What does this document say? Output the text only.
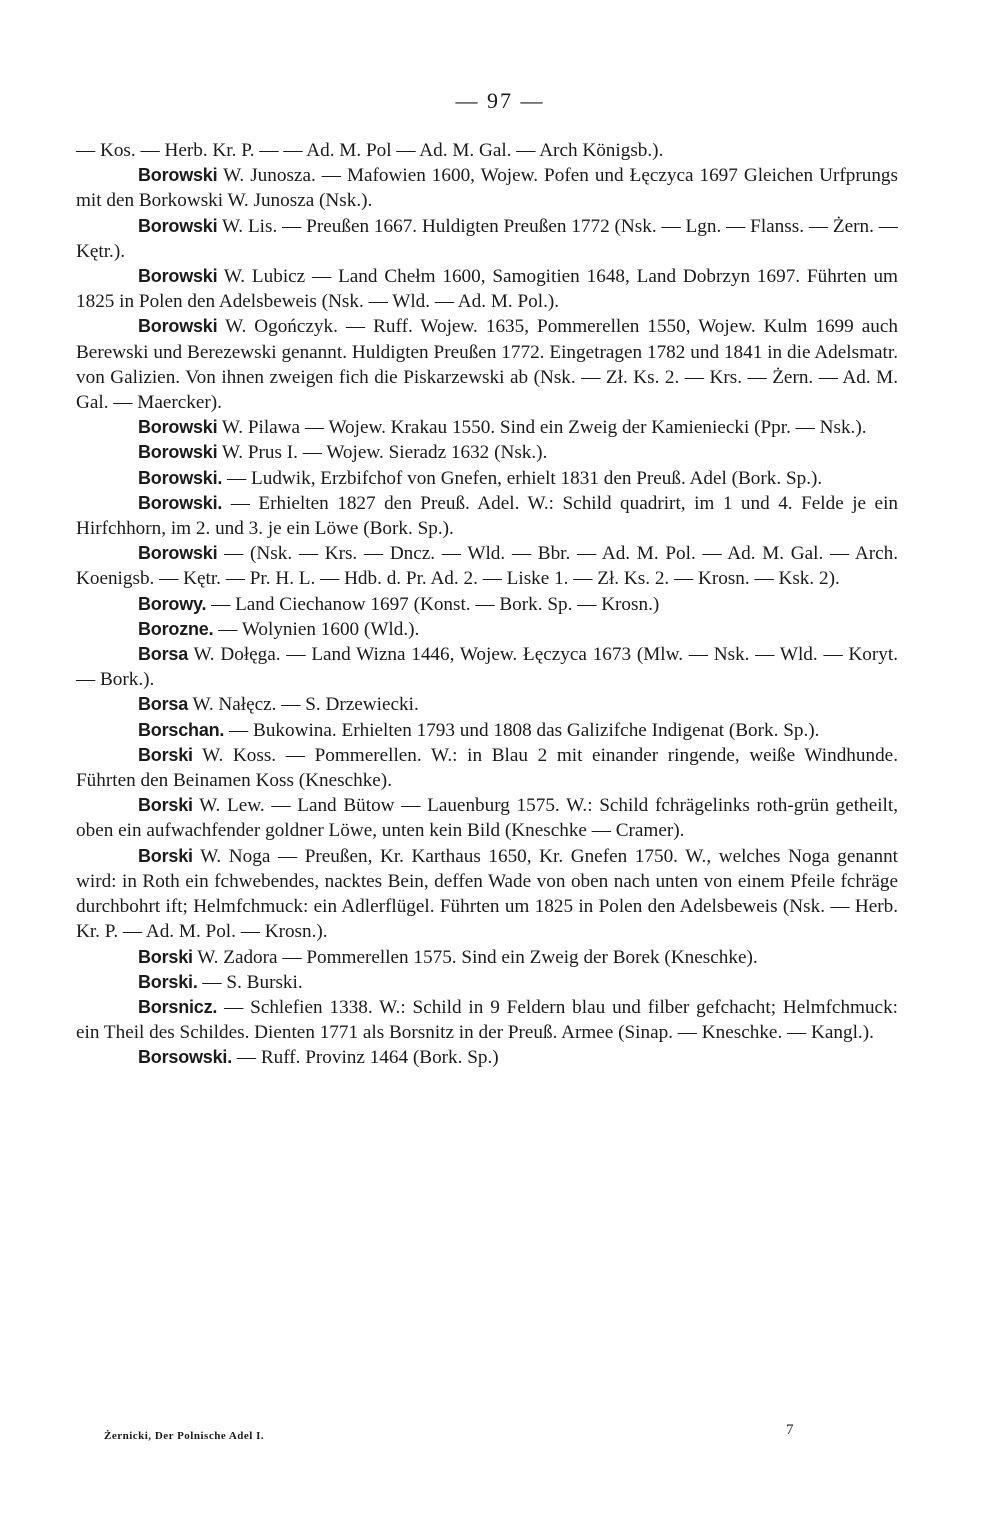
— 97 —

— Kos. — Herb. Kr. P. — — Ad. M. Pol — Ad. M. Gal. — Arch Königsb.).

Borowski W. Junosza. — Mafowien 1600, Wojew. Pofen und Łęczyca 1697 Gleichen Urfprungs mit den Borkowski W. Junosza (Nsk.).

Borowski W. Lis. — Preußen 1667. Huldigten Preußen 1772 (Nsk. — Lgn. — Flanss. — Żern. — Kętr.).

Borowski W. Lubicz — Land Chełm 1600, Samogitien 1648, Land Dobrzyn 1697. Führten um 1825 in Polen den Adelsbeweis (Nsk. — Wld. — Ad. M. Pol.).

Borowski W. Ogończyk. — Ruff. Wojew. 1635, Pommerellen 1550, Wojew. Kulm 1699 auch Berewski und Berezewski genannt. Huldigten Preußen 1772. Eingetragen 1782 und 1841 in die Adelsmatr. von Galizien. Von ihnen zweigen fich die Piskarzewski ab (Nsk. — Zł. Ks. 2. — Krs. — Żern. — Ad. M. Gal. — Maercker).

Borowski W. Pilawa — Wojew. Krakau 1550. Sind ein Zweig der Kamieniecki (Ppr. — Nsk.).

Borowski W. Prus I. — Wojew. Sieradz 1632 (Nsk.).

Borowski. — Ludwik, Erzbifchof von Gnefen, erhielt 1831 den Preuß. Adel (Bork. Sp.).

Borowski. — Erhielten 1827 den Preuß. Adel. W.: Schild quadrirt, im 1 und 4. Felde je ein Hirfchhorn, im 2. und 3. je ein Löwe (Bork. Sp.).

Borowski — (Nsk. — Krs. — Dncz. — Wld. — Bbr. — Ad. M. Pol. — Ad. M. Gal. — Arch. Koenigsb. — Kętr. — Pr. H. L. — Hdb. d. Pr. Ad. 2. — Liske 1. — Zł. Ks. 2. — Krosn. — Ksk. 2).

Borowy. — Land Ciechanow 1697 (Konst. — Bork. Sp. — Krosn.)

Borozne. — Wolynien 1600 (Wld.).

Borsa W. Dołęga. — Land Wizna 1446, Wojew. Łęczyca 1673 (Mlw. — Nsk. — Wld. — Koryt. — Bork.).

Borsa W. Nałęcz. — S. Drzewiecki.

Borschan. — Bukowina. Erhielten 1793 und 1808 das Galizifche Indigenat (Bork. Sp.).

Borski W. Koss. — Pommerellen. W.: in Blau 2 mit einander ringende, weiße Windhunde. Führten den Beinamen Koss (Kneschke).

Borski W. Lew. — Land Bütow — Lauenburg 1575. W.: Schild fchrägelinks roth-grün getheilt, oben ein aufwachfender goldner Löwe, unten kein Bild (Kneschke — Cramer).

Borski W. Noga — Preußen, Kr. Karthaus 1650, Kr. Gnefen 1750. W., welches Noga genannt wird: in Roth ein fchwebendes, nacktes Bein, deffen Wade von oben nach unten von einem Pfeile fchräge durchbohrt ift; Helmfchmuck: ein Adlerflügel. Führten um 1825 in Polen den Adelsbeweis (Nsk. — Herb. Kr. P. — Ad. M. Pol. — Krosn.).

Borski W. Zadora — Pommerellen 1575. Sind ein Zweig der Borek (Kneschke).

Borski. — S. Burski.

Borsnicz. — Schlefien 1338. W.: Schild in 9 Feldern blau und filber gefchacht; Helmfchmuck: ein Theil des Schildes. Dienten 1771 als Borsnitz in der Preuß. Armee (Sinap. — Kneschke. — Kangl.).

Borsowski. — Ruff. Provinz 1464 (Bork. Sp.)

Żernicki, Der Polnische Adel I.	7
